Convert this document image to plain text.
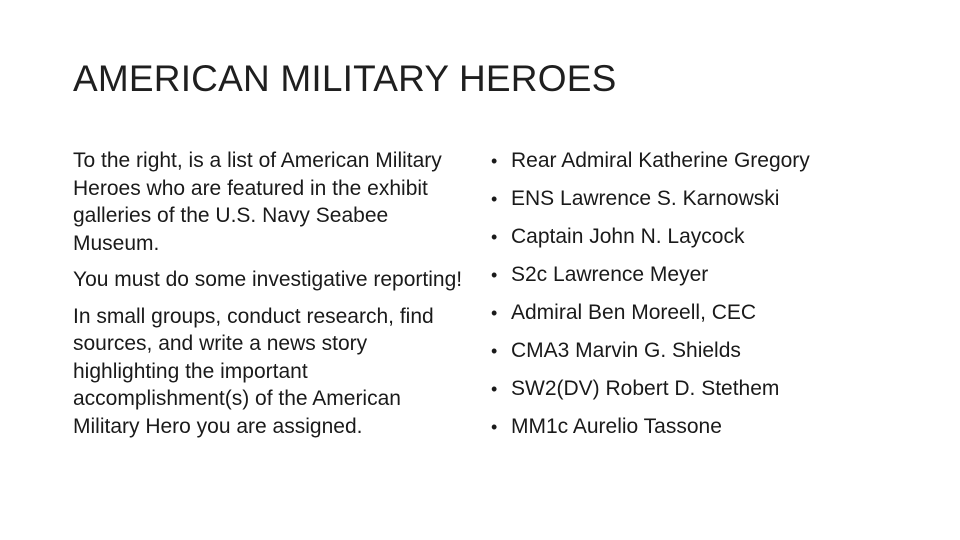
AMERICAN MILITARY HEROES

To the right, is a list of American Military Heroes who are featured in the exhibit galleries of the U.S. Navy Seabee Museum.

You must do some investigative reporting!

In small groups, conduct research, find sources, and write a news story highlighting the important accomplishment(s) of the American Military Hero you are assigned.

• Rear Admiral Katherine Gregory
• ENS Lawrence S. Karnowski
• Captain John N. Laycock
• S2c Lawrence Meyer
• Admiral Ben Moreell, CEC
• CMA3 Marvin G. Shields
• SW2(DV) Robert D. Stethem
• MM1c Aurelio Tassone
